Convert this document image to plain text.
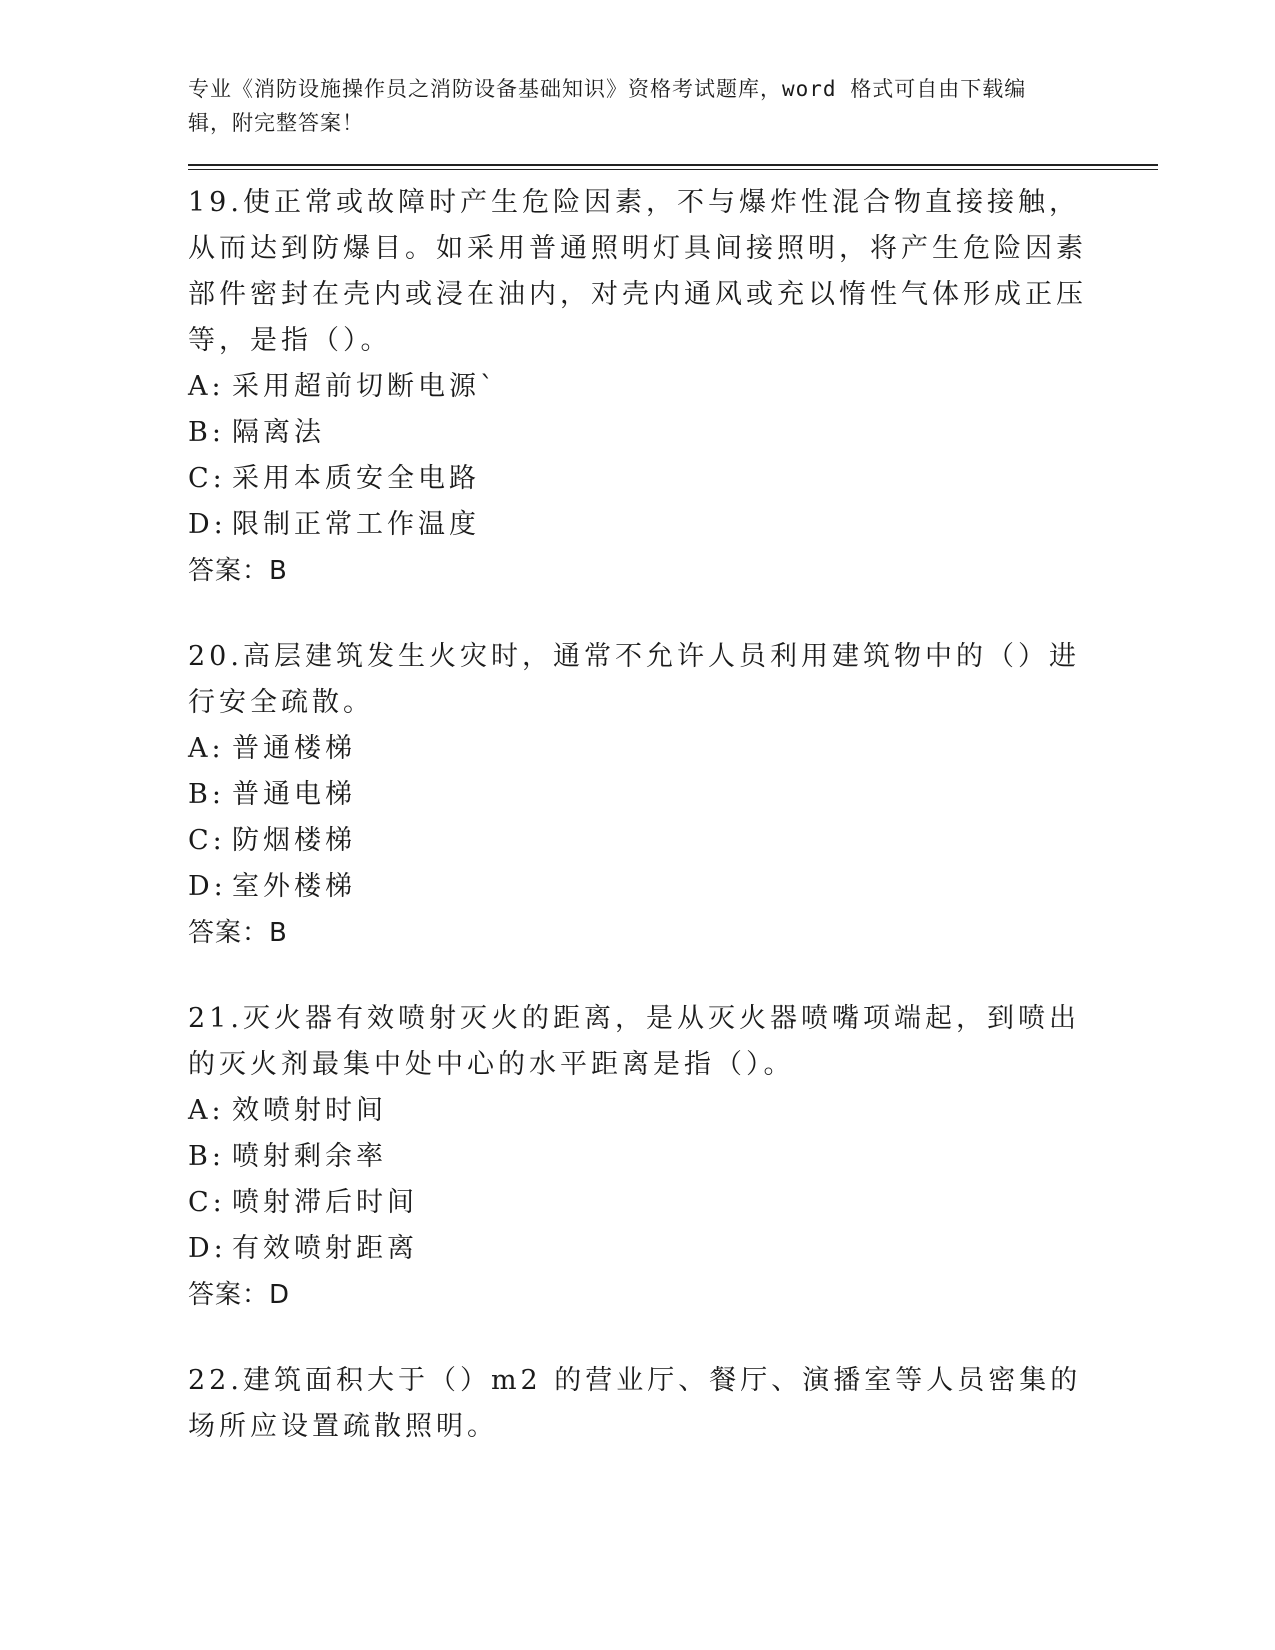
专业《消防设施操作员之消防设备基础知识》资格考试题库，word 格式可自由下载编辑，附完整答案！

19.使正常或故障时产生危险因素，不与爆炸性混合物直接接触，从而达到防爆目。如采用普通照明灯具间接照明，将产生危险因素部件密封在壳内或浸在油内，对壳内通风或充以惰性气体形成正压等，是指（）。

A: 采用超前切断电源`

B: 隔离法

C: 采用本质安全电路

D: 限制正常工作温度

答案：B

20.高层建筑发生火灾时，通常不允许人员利用建筑物中的（）进行安全疏散。

A: 普通楼梯

B: 普通电梯

C: 防烟楼梯

D: 室外楼梯

答案：B

21.灭火器有效喷射灭火的距离，是从灭火器喷嘴项端起，到喷出的灭火剂最集中处中心的水平距离是指（）。

A: 效喷射时间

B: 喷射剩余率

C: 喷射滞后时间

D: 有效喷射距离

答案：D

22.建筑面积大于（）m2 的营业厅、餐厅、演播室等人员密集的场所应设置疏散照明。
